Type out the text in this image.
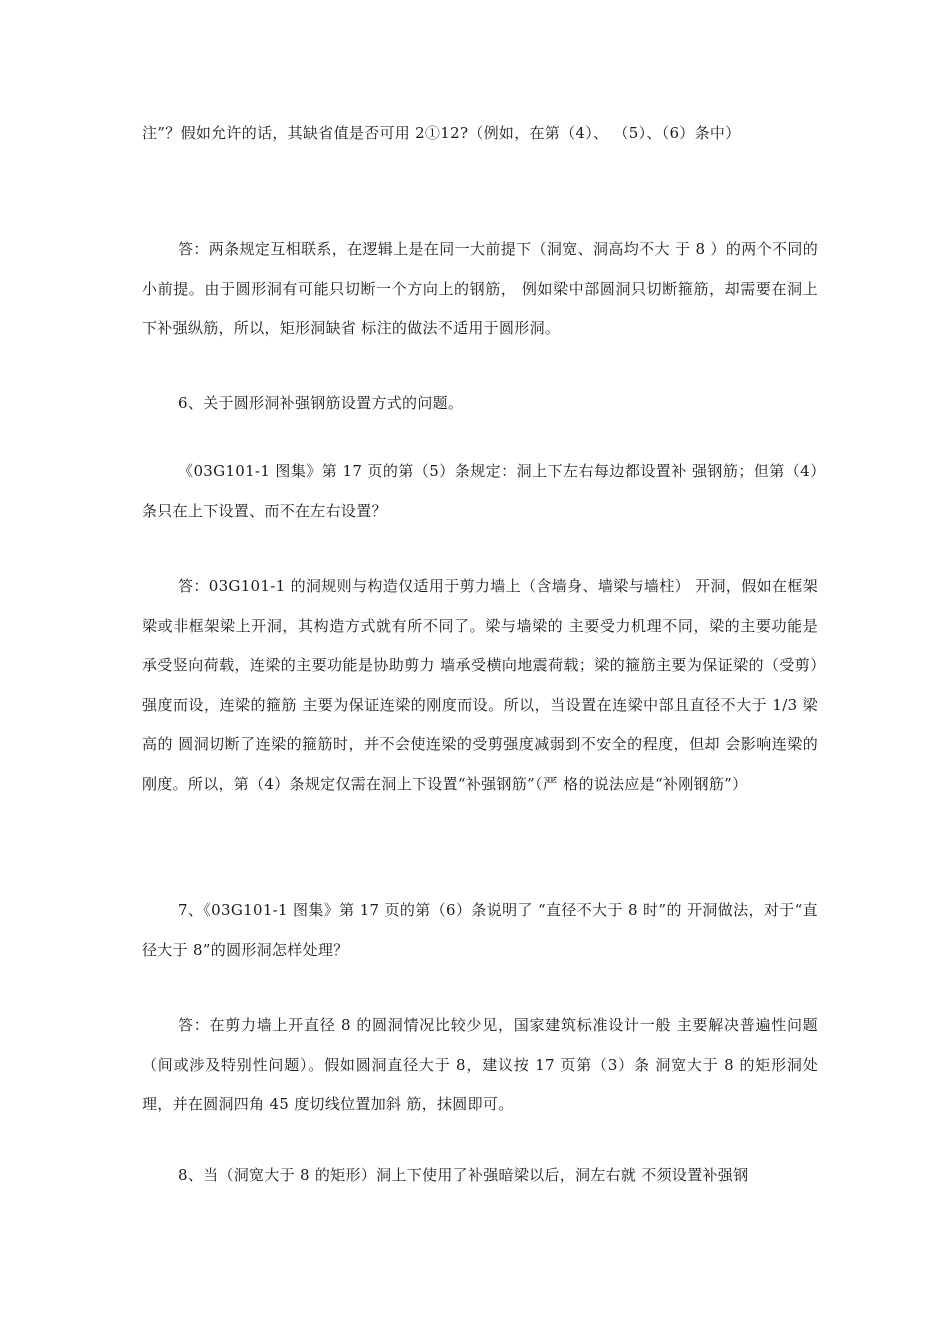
注”？假如允许的话，其缺省值是否可用 2①12?（例如，在第（4）、 （5）、（6）条中）

答：两条规定互相联系，在逻辑上是在同一大前提下（洞宽、洞高均不大 于 8 ）的两个不同的小前提。由于圆形洞有可能只切断一个方向上的钢筋， 例如梁中部圆洞只切断箍筋，却需要在洞上下补强纵筋，所以，矩形洞缺省 标注的做法不适用于圆形洞。

6、关于圆形洞补强钢筋设置方式的问题。

《03G101-1 图集》第 17 页的第（5）条规定：洞上下左右每边都设置补 强钢筋；但第（4）条只在上下设置、而不在左右设置？

答：03G101-1 的洞规则与构造仅适用于剪力墙上（含墙身、墙梁与墙柱） 开洞，假如在框架梁或非框架梁上开洞，其构造方式就有所不同了。梁与墙梁的 主要受力机理不同，梁的主要功能是承受竖向荷载，连梁的主要功能是协助剪力 墙承受横向地震荷载；梁的箍筋主要为保证梁的（受剪）强度而设，连梁的箍筋 主要为保证连梁的刚度而设。所以，当设置在连梁中部且直径不大于 1/3 梁高的 圆洞切断了连梁的箍筋时，并不会使连梁的受剪强度减弱到不安全的程度，但却 会影响连梁的刚度。所以，第（4）条规定仅需在洞上下设置“补强钢筋”（严 格的说法应是“补刚钢筋”）

7、《03G101-1 图集》第 17 页的第（6）条说明了 “直径不大于 8 时”的 开洞做法，对于“直径大于 8”的圆形洞怎样处理？

答：在剪力墙上开直径 8 的圆洞情况比较少见，国家建筑标准设计一般 主要解决普遍性问题（间或涉及特别性问题）。假如圆洞直径大于 8，建议按 17 页第（3）条 洞宽大于 8 的矩形洞处理，并在圆洞四角 45 度切线位置加斜 筋，抹圆即可。

8、当（洞宽大于 8 的矩形）洞上下使用了补强暗梁以后，洞左右就 不须设置补强钢
